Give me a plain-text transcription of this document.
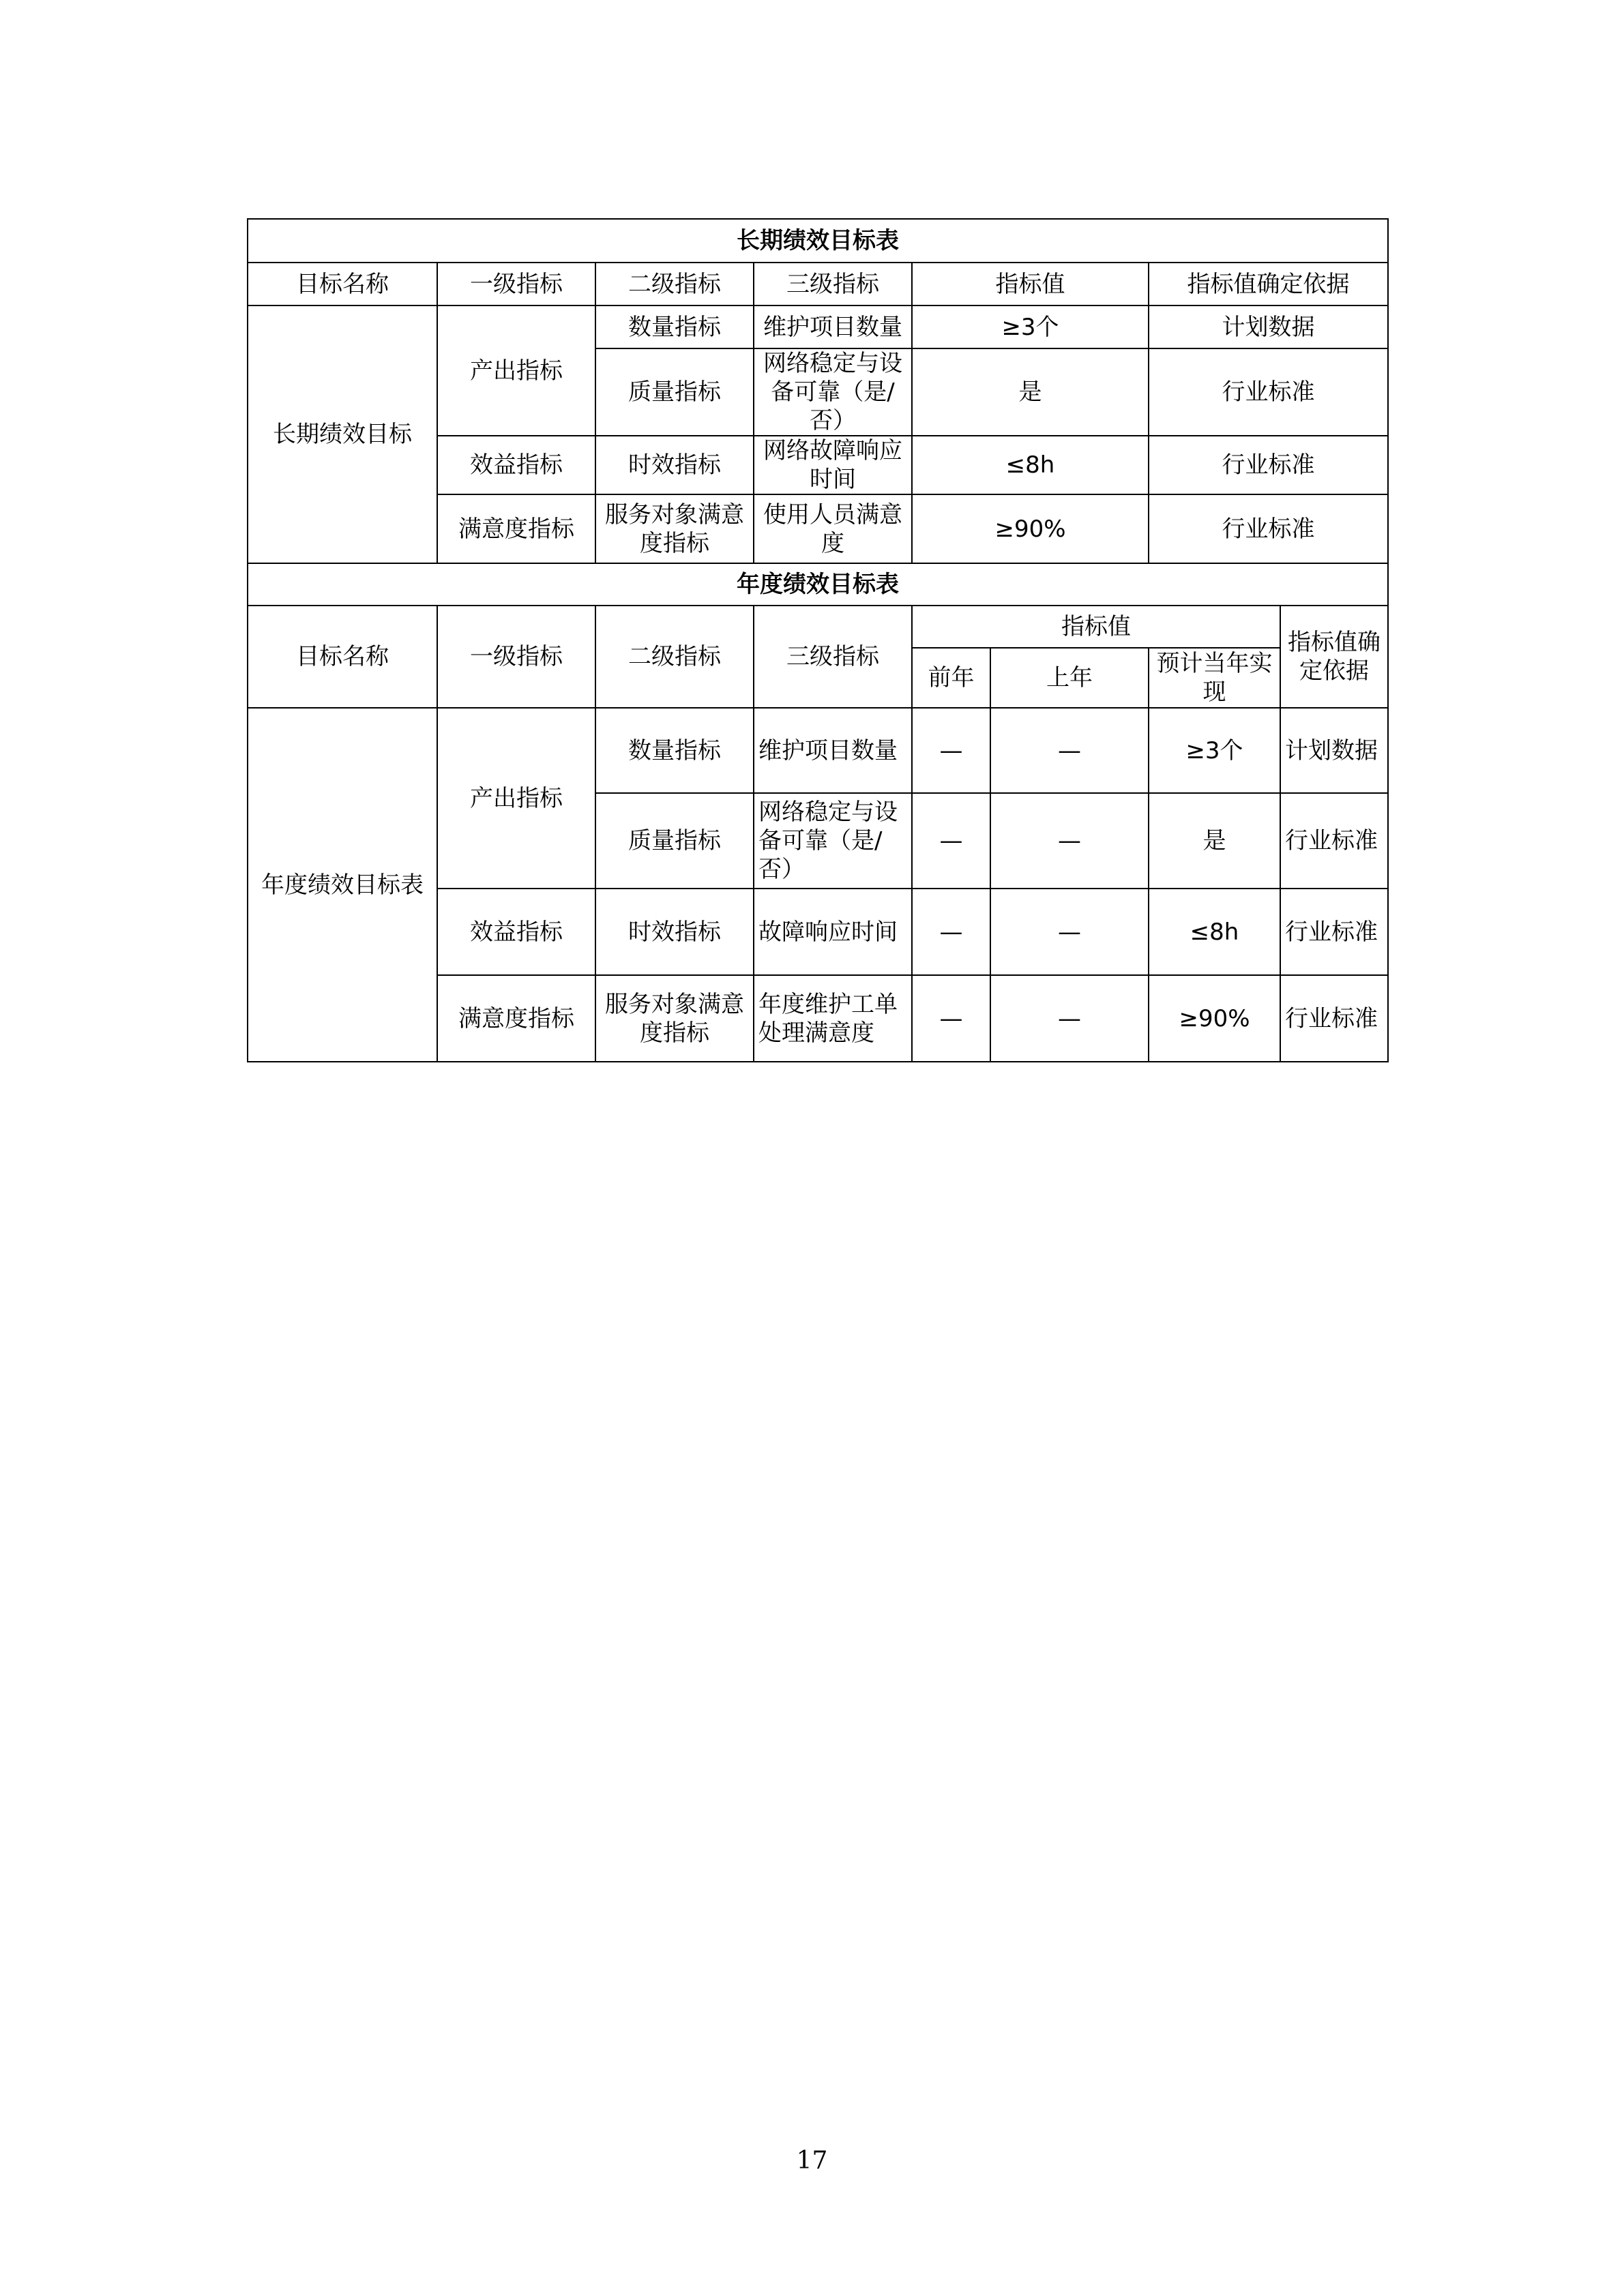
长期绩效目标表							
目标名称	一级指标	二级指标	三级指标	指标值		指标值确定依据	
长期绩效目标	产出指标	数量指标	维护项目数量	≥3个		计划数据	
		质量指标	网络稳定与设备可靠（是/否）	是		行业标准	
	效益指标	时效指标	网络故障响应时间	≤8h		行业标准	
	满意度指标	服务对象满意度指标	使用人员满意度	≥90%		行业标准	
年度绩效目标表							
目标名称	一级指标	二级指标	三级指标	指标值			指标值确定依据
				前年	上年	预计当年实现	
年度绩效目标表	产出指标	数量指标	维护项目数量	—	—	≥3个	计划数据
		质量指标	网络稳定与设备可靠（是/否）	—	—	是	行业标准
	效益指标	时效指标	故障响应时间	—	—	≤8h	行业标准
	满意度指标	服务对象满意度指标	年度维护工单处理满意度	—	—	≥90%	行业标准
17
